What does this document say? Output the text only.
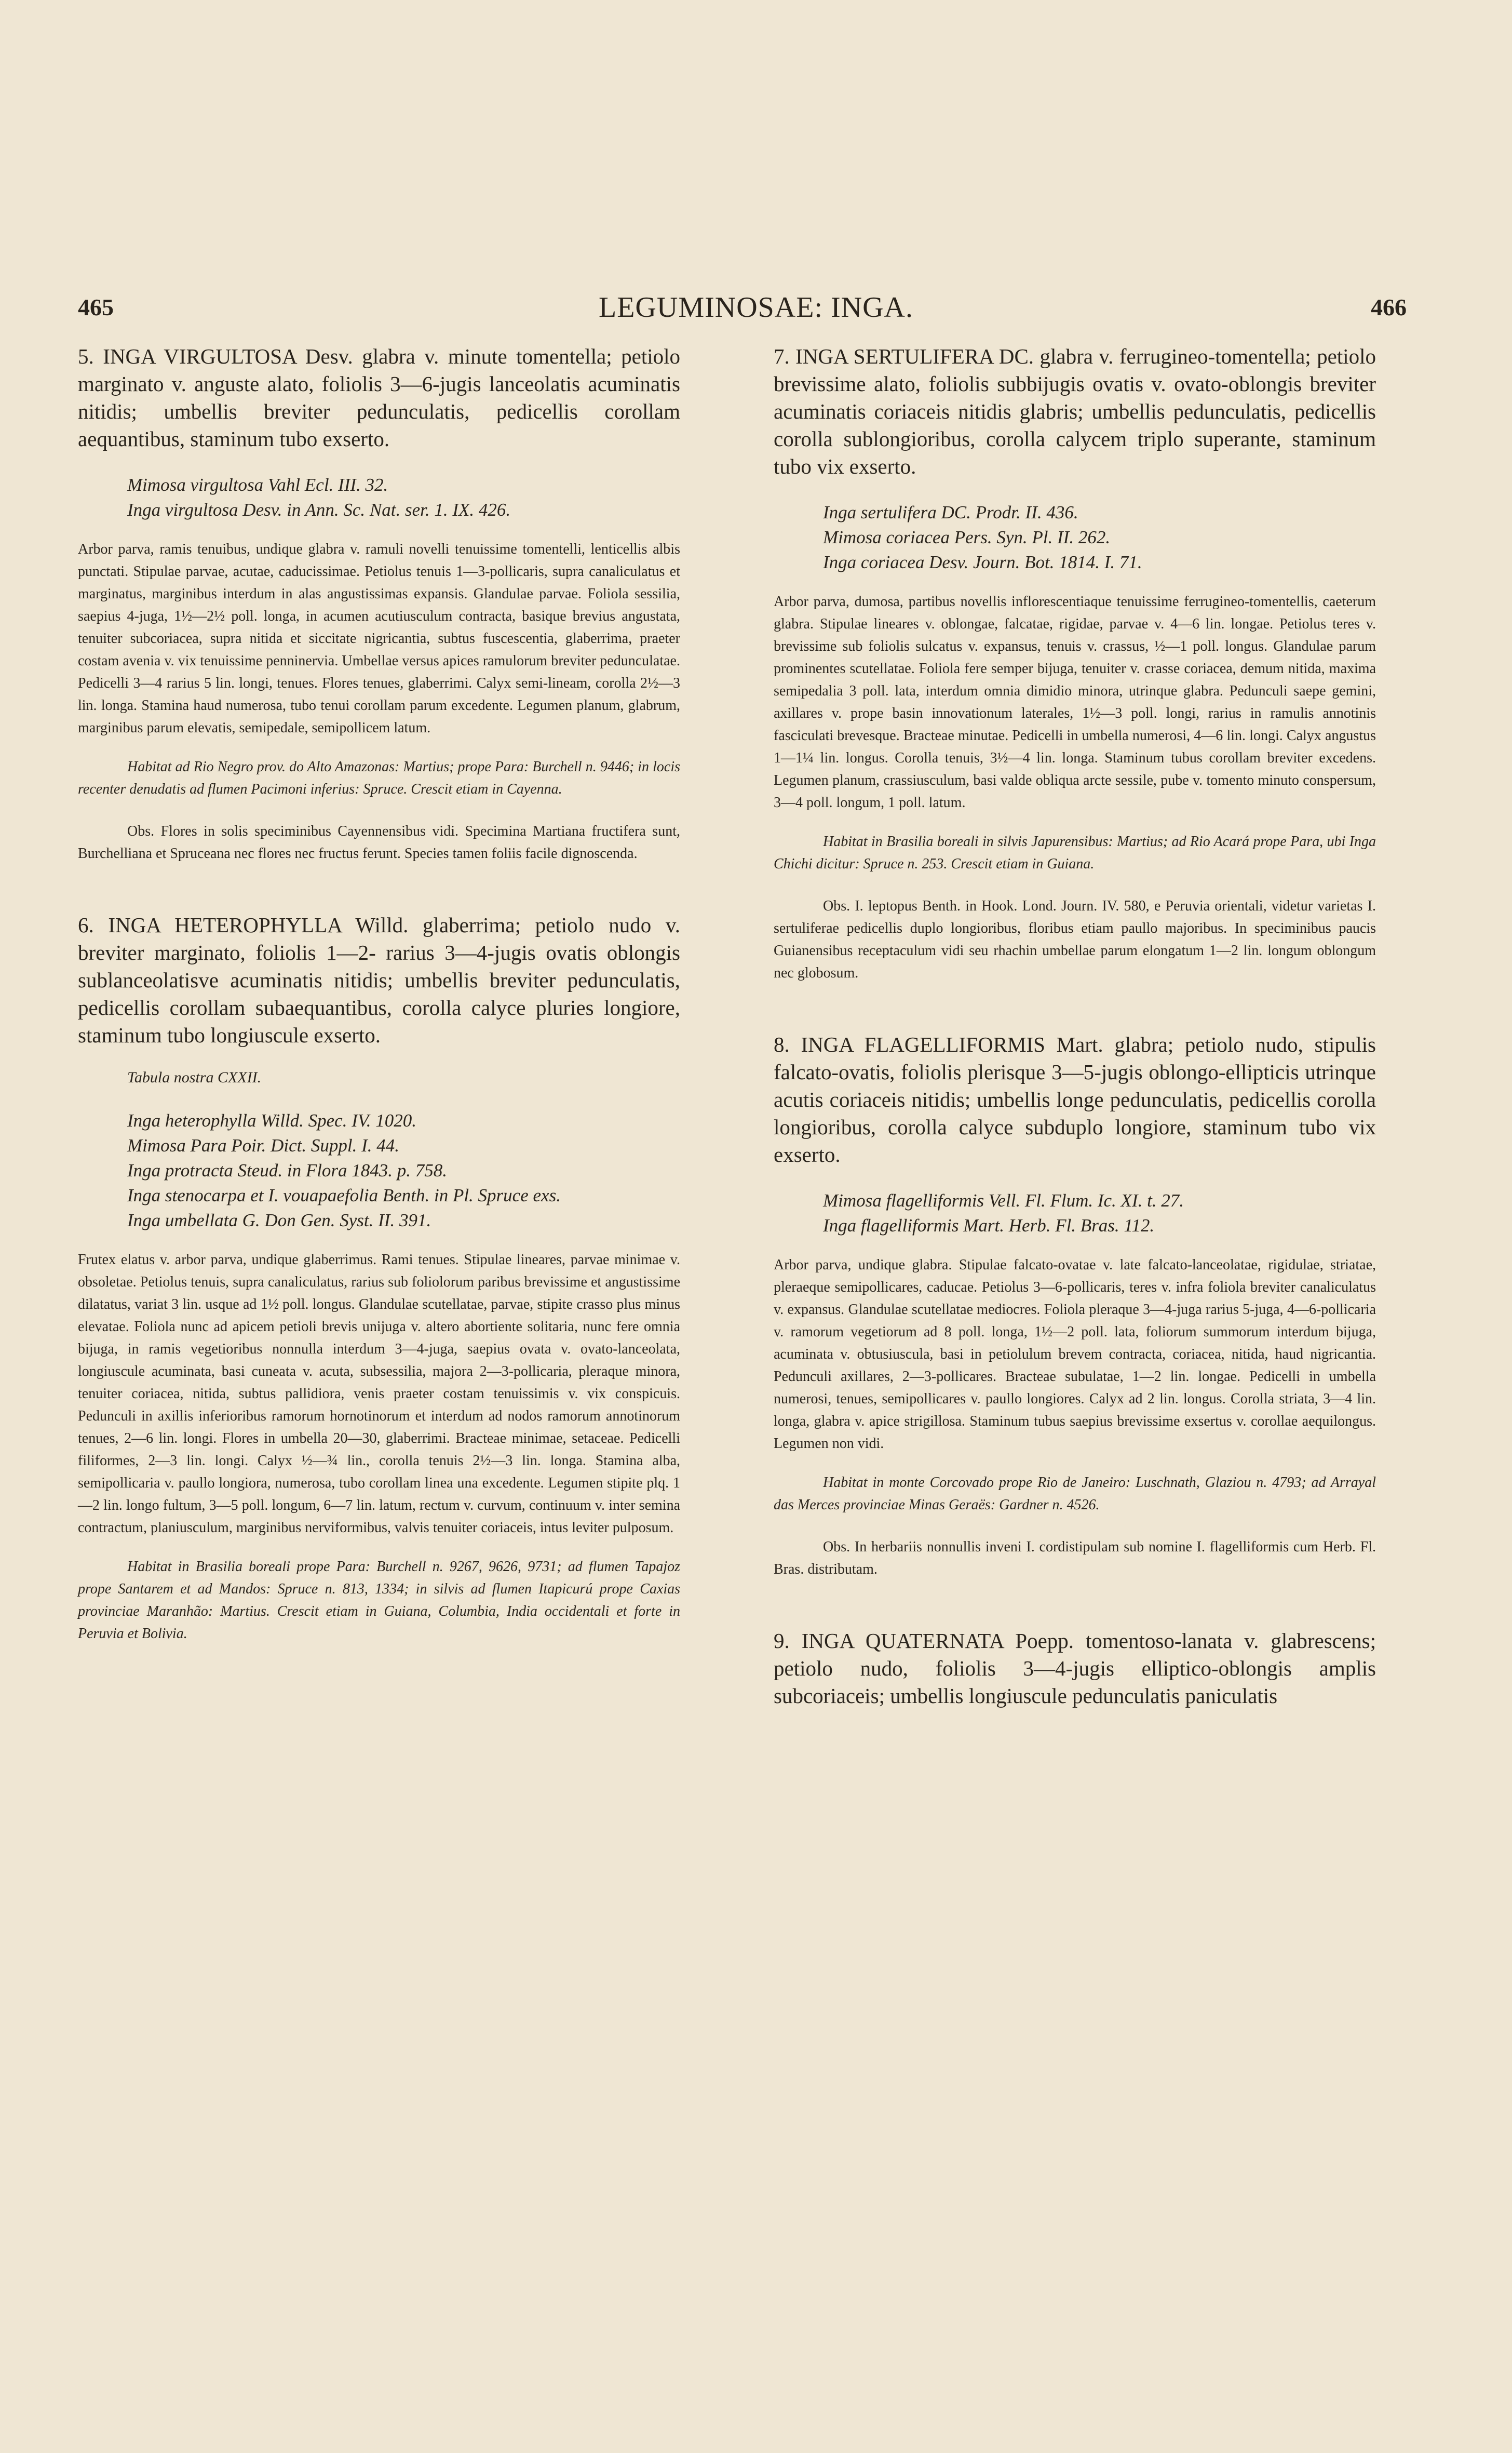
465	LEGUMINOSAE: INGA.	466

5. INGA VIRGULTOSA Desv. glabra v. minute tomentella; petiolo marginato v. anguste alato, foliolis 3—6-jugis lanceolatis acuminatis nitidis; umbellis breviter pedunculatis, pedicellis corollam aequantibus, staminum tubo exserto.

Mimosa virgultosa Vahl Ecl. III. 32.
Inga virgultosa Desv. in Ann. Sc. Nat. ser. 1. IX. 426.

Arbor parva, ramis tenuibus, undique glabra v. ramuli novelli tenuissime tomentelli, lenticellis albis punctati. Stipulae parvae, acutae, caducissimae. Petiolus tenuis 1—3-pollicaris, supra canaliculatus et marginatus, marginibus interdum in alas angustissimas expansis. Glandulae parvae. Foliola sessilia, saepius 4-juga, 1½—2½ poll. longa, in acumen acutiusculum contracta, basique brevius angustata, tenuiter subcoriacea, supra nitida et siccitate nigricantia, subtus fuscescentia, glaberrima, praeter costam avenia v. vix tenuissime penninervia. Umbellae versus apices ramulorum breviter pedunculatae. Pedicelli 3—4 rarius 5 lin. longi, tenues. Flores tenues, glaberrimi. Calyx semi-lineam, corolla 2½—3 lin. longa. Stamina haud numerosa, tubo tenui corollam parum excedente. Legumen planum, glabrum, marginibus parum elevatis, semipedale, semipollicem latum.

Habitat ad Rio Negro prov. do Alto Amazonas: Martius; prope Para: Burchell n. 9446; in locis recenter denudatis ad flumen Pacimoni inferius: Spruce. Crescit etiam in Cayenna.

Obs. Flores in solis speciminibus Cayennensibus vidi. Specimina Martiana fructifera sunt, Burchelliana et Spruceana nec flores nec fructus ferunt. Species tamen foliis facile dignoscenda.

6. INGA HETEROPHYLLA Willd. glaberrima; petiolo nudo v. breviter marginato, foliolis 1—2- rarius 3—4-jugis ovatis oblongis sublanceolatisve acuminatis nitidis; umbellis breviter pedunculatis, pedicellis corollam subaequantibus, corolla calyce pluries longiore, staminum tubo longiuscule exserto.

Tabula nostra CXXII.
Inga heterophylla Willd. Spec. IV. 1020.
Mimosa Para Poir. Dict. Suppl. I. 44.
Inga protracta Steud. in Flora 1843. p. 758.
Inga stenocarpa et I. vouapaefolia Benth. in Pl. Spruce exs.
Inga umbellata G. Don Gen. Syst. II. 391.

Frutex elatus v. arbor parva, undique glaberrimus. Rami tenues. Stipulae lineares, parvae minimae v. obsoletae. Petiolus tenuis, supra canaliculatus, rarius sub foliolorum paribus brevissime et angustissime dilatatus, variat 3 lin. usque ad 1½ poll. longus. Glandulae scutellatae, parvae, stipite crasso plus minus elevatae. Foliola nunc ad apicem petioli brevis unijuga v. altero abortiente solitaria, nunc fere omnia bijuga, in ramis vegetioribus nonnulla interdum 3—4-juga, saepius ovata v. ovato-lanceolata, longiuscule acuminata, basi cuneata v. acuta, subsessilia, majora 2—3-pollicaria, pleraque minora, tenuiter coriacea, nitida, subtus pallidiora, venis praeter costam tenuissimis v. vix conspicuis. Pedunculi in axillis inferioribus ramorum hornotinorum et interdum ad nodos ramorum annotinorum tenues, 2—6 lin. longi. Flores in umbella 20—30, glaberrimi. Bracteae minimae, setaceae. Pedicelli filiformes, 2—3 lin. longi. Calyx ½—¾ lin., corolla tenuis 2½—3 lin. longa. Stamina alba, semipollicaria v. paullo longiora, numerosa, tubo corollam linea una excedente. Legumen stipite plq. 1—2 lin. longo fultum, 3—5 poll. longum, 6—7 lin. latum, rectum v. curvum, continuum v. inter semina contractum, planiusculum, marginibus nerviformibus, valvis tenuiter coriaceis, intus leviter pulposum.

Habitat in Brasilia boreali prope Para: Burchell n. 9267, 9626, 9731; ad flumen Tapajoz prope Santarem et ad Mandos: Spruce n. 813, 1334; in silvis ad flumen Itapicurú prope Caxias provinciae Maranhão: Martius. Crescit etiam in Guiana, Columbia, India occidentali et forte in Peruvia et Bolivia.

7. INGA SERTULIFERA DC. glabra v. ferrugineo-tomentella; petiolo brevissime alato, foliolis subbijugis ovatis v. ovato-oblongis breviter acuminatis coriaceis nitidis glabris; umbellis pedunculatis, pedicellis corolla sublongioribus, corolla calycem triplo superante, staminum tubo vix exserto.

Inga sertulifera DC. Prodr. II. 436.
Mimosa coriacea Pers. Syn. Pl. II. 262.
Inga coriacea Desv. Journ. Bot. 1814. I. 71.

Arbor parva, dumosa, partibus novellis inflorescentiaque tenuissime ferrugineo-tomentellis, caeterum glabra. Stipulae lineares v. oblongae, falcatae, rigidae, parvae v. 4—6 lin. longae. Petiolus teres v. brevissime sub foliolis sulcatus v. expansus, tenuis v. crassus, ½—1 poll. longus. Glandulae parum prominentes scutellatae. Foliola fere semper bijuga, tenuiter v. crasse coriacea, demum nitida, maxima semipedalia 3 poll. lata, interdum omnia dimidio minora, utrinque glabra. Pedunculi saepe gemini, axillares v. prope basin innovationum laterales, 1½—3 poll. longi, rarius in ramulis annotinis fasciculati brevesque. Bracteae minutae. Pedicelli in umbella numerosi, 4—6 lin. longi. Calyx angustus 1—1¼ lin. longus. Corolla tenuis, 3½—4 lin. longa. Staminum tubus corollam breviter excedens. Legumen planum, crassiusculum, basi valde obliqua arcte sessile, pube v. tomento minuto conspersum, 3—4 poll. longum, 1 poll. latum.

Habitat in Brasilia boreali in silvis Japurensibus: Martius; ad Rio Acará prope Para, ubi Inga Chichi dicitur: Spruce n. 253. Crescit etiam in Guiana.

Obs. I. leptopus Benth. in Hook. Lond. Journ. IV. 580, e Peruvia orientali, videtur varietas I. sertuliferae pedicellis duplo longioribus, floribus etiam paullo majoribus. In speciminibus paucis Guianensibus receptaculum vidi seu rhachin umbellae parum elongatum 1—2 lin. longum oblongum nec globosum.

8. INGA FLAGELLIFORMIS Mart. glabra; petiolo nudo, stipulis falcato-ovatis, foliolis plerisque 3—5-jugis oblongo-ellipticis utrinque acutis coriaceis nitidis; umbellis longe pedunculatis, pedicellis corolla longioribus, corolla calyce subduplo longiore, staminum tubo vix exserto.

Mimosa flagelliformis Vell. Fl. Flum. Ic. XI. t. 27.
Inga flagelliformis Mart. Herb. Fl. Bras. 112.

Arbor parva, undique glabra. Stipulae falcato-ovatae v. late falcato-lanceolatae, rigidulae, striatae, pleraeque semipollicares, caducae. Petiolus 3—6-pollicaris, teres v. infra foliola breviter canaliculatus v. expansus. Glandulae scutellatae mediocres. Foliola pleraque 3—4-juga rarius 5-juga, 4—6-pollicaria v. ramorum vegetiorum ad 8 poll. longa, 1½—2 poll. lata, foliorum summorum interdum bijuga, acuminata v. obtusiuscula, basi in petiolulum brevem contracta, coriacea, nitida, haud nigricantia. Pedunculi axillares, 2—3-pollicares. Bracteae subulatae, 1—2 lin. longae. Pedicelli in umbella numerosi, tenues, semipollicares v. paullo longiores. Calyx ad 2 lin. longus. Corolla striata, 3—4 lin. longa, glabra v. apice strigillosa. Staminum tubus saepius brevissime exsertus v. corollae aequilongus. Legumen non vidi.

Habitat in monte Corcovado prope Rio de Janeiro: Luschnath, Glaziou n. 4793; ad Arrayal das Merces provinciae Minas Geraës: Gardner n. 4526.

Obs. In herbariis nonnullis inveni I. cordistipulam sub nomine I. flagelliformis cum Herb. Fl. Bras. distributam.

9. INGA QUATERNATA Poepp. tomentoso-lanata v. glabrescens; petiolo nudo, foliolis 3—4-jugis elliptico-oblongis amplis subcoriaceis; umbellis longiuscule pedunculatis paniculatis
